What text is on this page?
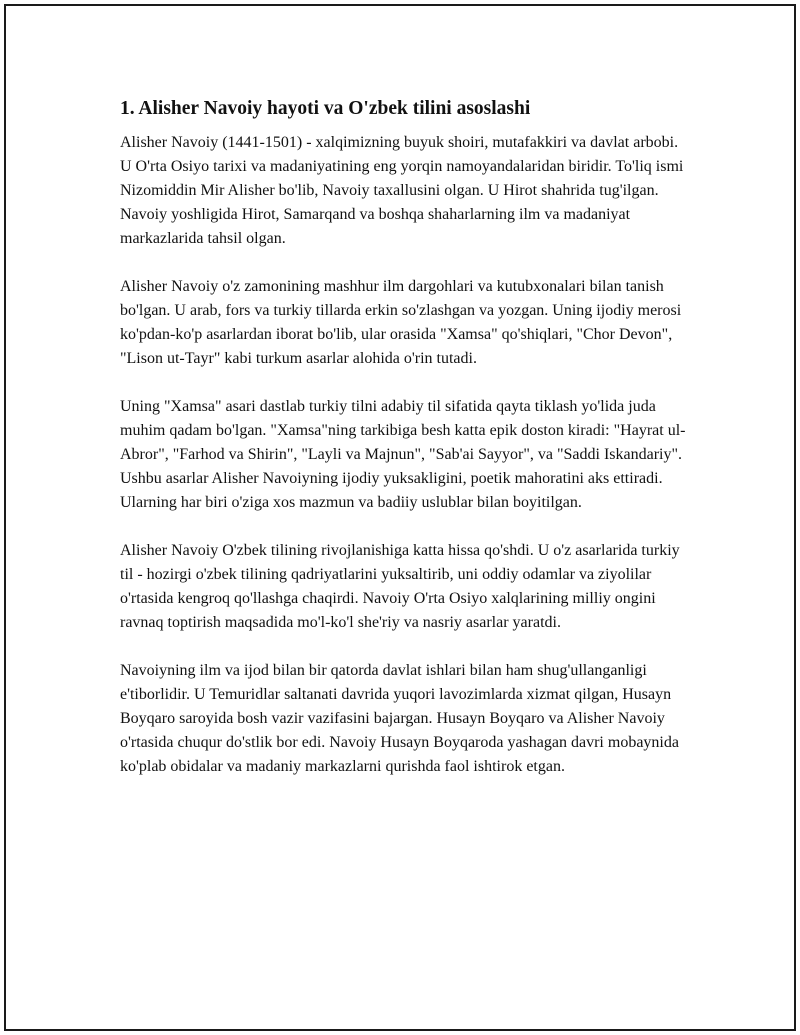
1. Alisher Navoiy hayoti va O'zbek tilini asoslashi

Alisher Navoiy (1441-1501) - xalqimizning buyuk shoiri, mutafakkiri va davlat arbobi. U O'rta Osiyo tarixi va madaniyatining eng yorqin namoyandalaridan biridir. To'liq ismi Nizomiddin Mir Alisher bo'lib, Navoiy taxallusini olgan. U Hirot shahrida tug'ilgan. Navoiy yoshligida Hirot, Samarqand va boshqa shaharlarning ilm va madaniyat markazlarida tahsil olgan.

Alisher Navoiy o'z zamonining mashhur ilm dargohlari va kutubxonalari bilan tanish bo'lgan. U arab, fors va turkiy tillarda erkin so'zlashgan va yozgan. Uning ijodiy merosi ko'pdan-ko'p asarlardan iborat bo'lib, ular orasida "Xamsa" qo'shiqlari, "Chor Devon", "Lison ut-Tayr" kabi turkum asarlar alohida o'rin tutadi.

Uning "Xamsa" asari dastlab turkiy tilni adabiy til sifatida qayta tiklash yo'lida juda muhim qadam bo'lgan. "Xamsa"ning tarkibiga besh katta epik doston kiradi: "Hayrat ul-Abror", "Farhod va Shirin", "Layli va Majnun", "Sab'ai Sayyor", va "Saddi Iskandariy". Ushbu asarlar Alisher Navoiyning ijodiy yuksakligini, poetik mahoratini aks ettiradi. Ularning har biri o'ziga xos mazmun va badiiy uslublar bilan boyitilgan.

Alisher Navoiy O'zbek tilining rivojlanishiga katta hissa qo'shdi. U o'z asarlarida turkiy til - hozirgi o'zbek tilining qadriyatlarini yuksaltirib, uni oddiy odamlar va ziyolilar o'rtasida kengroq qo'llashga chaqirdi. Navoiy O'rta Osiyo xalqlarining milliy ongini ravnaq toptirish maqsadida mo'l-ko'l she'riy va nasriy asarlar yaratdi.

Navoiyning ilm va ijod bilan bir qatorda davlat ishlari bilan ham shug'ullanganligi e'tiborlidir. U Temuridlar saltanati davrida yuqori lavozimlarda xizmat qilgan, Husayn Boyqaro saroyida bosh vazir vazifasini bajargan. Husayn Boyqaro va Alisher Navoiy o'rtasida chuqur do'stlik bor edi. Navoiy Husayn Boyqaroda yashagan davri mobaynida ko'plab obidalar va madaniy markazlarni qurishda faol ishtirok etgan.
